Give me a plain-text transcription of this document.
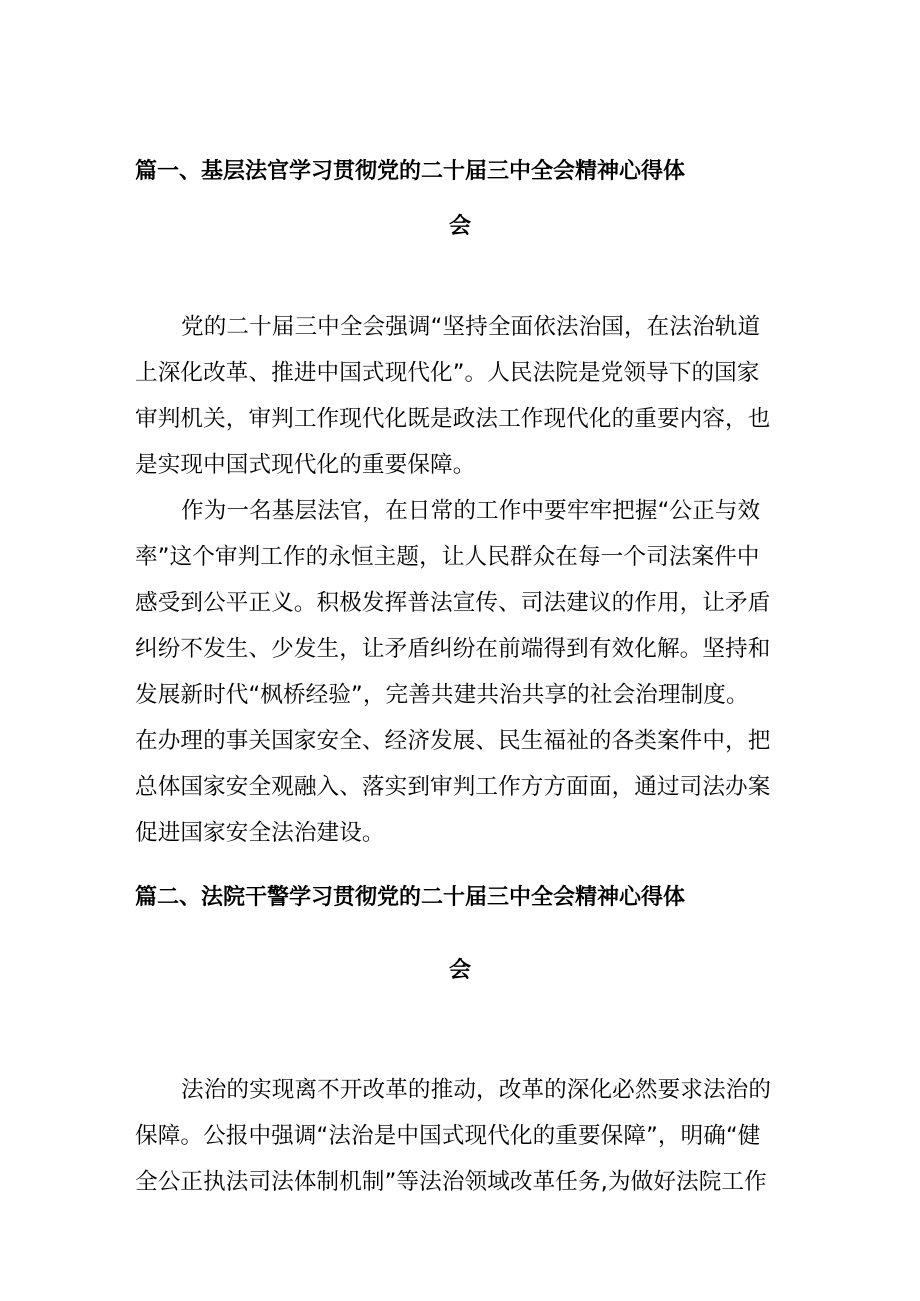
篇一、基层法官学习贯彻党的二十届三中全会精神心得体
会
党的二十届三中全会强调“坚持全面依法治国，在法治轨道
上深化改革、推进中国式现代化”。人民法院是党领导下的国家
审判机关，审判工作现代化既是政法工作现代化的重要内容，也
是实现中国式现代化的重要保障。
作为一名基层法官，在日常的工作中要牢牢把握“公正与效
率”这个审判工作的永恒主题，让人民群众在每一个司法案件中
感受到公平正义。积极发挥普法宣传、司法建议的作用，让矛盾
纠纷不发生、少发生，让矛盾纠纷在前端得到有效化解。坚持和
发展新时代“枫桥经验”，完善共建共治共享的社会治理制度。
在办理的事关国家安全、经济发展、民生福祉的各类案件中，把
总体国家安全观融入、落实到审判工作方方面面，通过司法办案
促进国家安全法治建设。
篇二、法院干警学习贯彻党的二十届三中全会精神心得体
会
法治的实现离不开改革的推动，改革的深化必然要求法治的
保障。公报中强调“法治是中国式现代化的重要保障”，明确“健
全公正执法司法体制机制”等法治领域改革任务,为做好法院工作
